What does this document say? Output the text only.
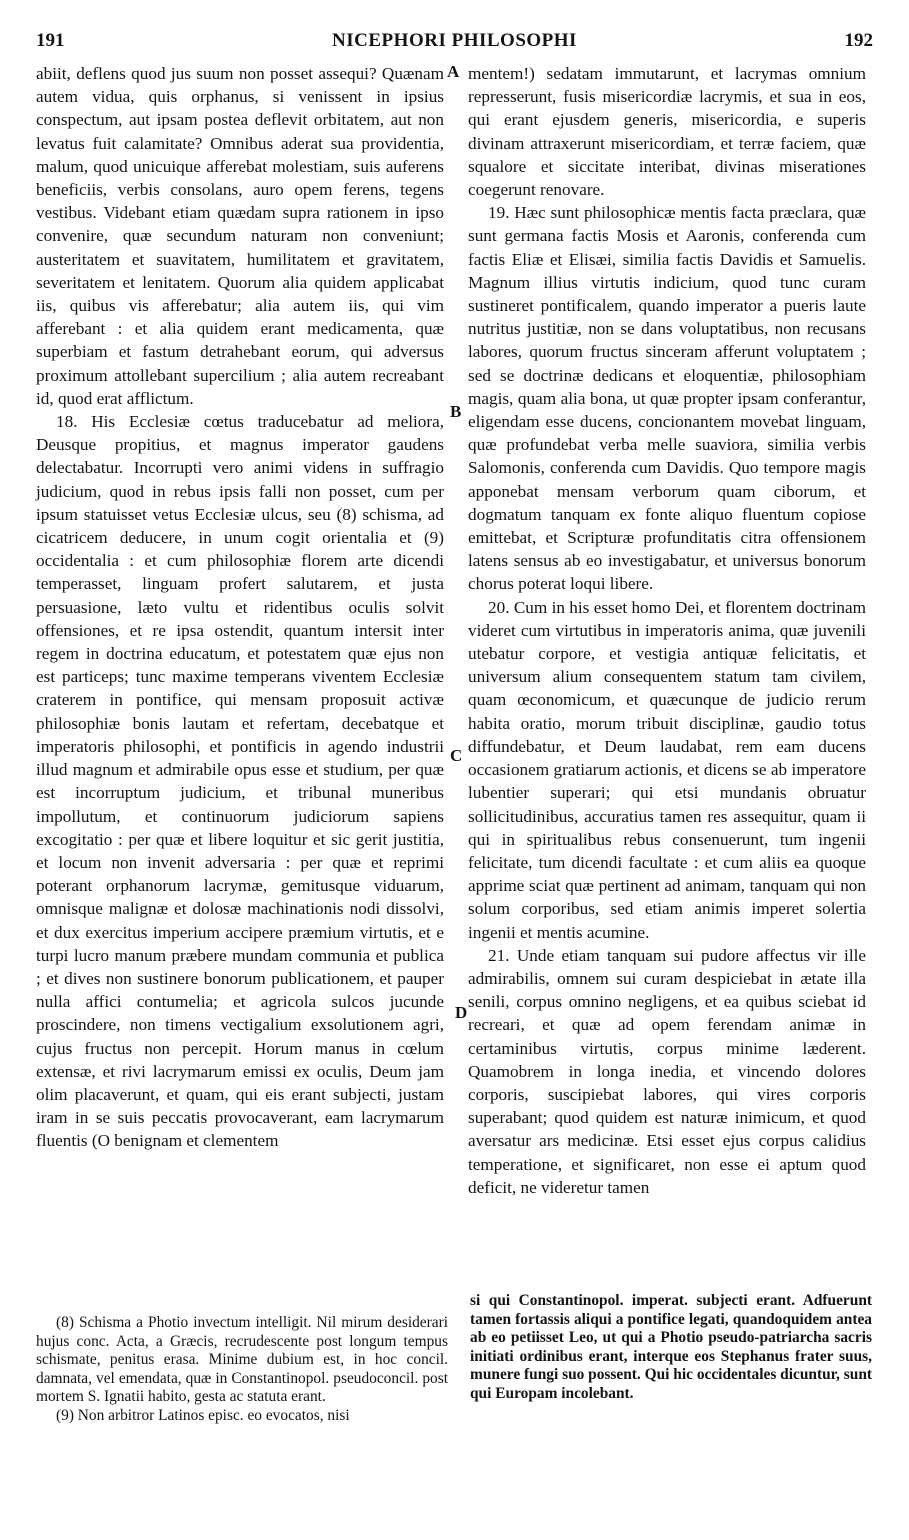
191	NICEPHORI PHILOSOPHI	192

abiit, deflens quod jus suum non posset assequi? Quænam autem vidua, quis orphanus, si venissent in ipsius conspectum, aut ipsam postea deflevit orbitatem, aut non levatus fuit calamitate? Omnibus aderat sua providentia, malum, quod unicuique afferebat molestiam, suis auferens beneficiis, verbis consolans, auro opem ferens, tegens vestibus. Videbant etiam quædam supra rationem in ipso convenire, quæ secundum naturam non conveniunt; austeritatem et suavitatem, humilitatem et gravitatem, severitatem et lenitatem. Quorum alia quidem applicabat iis, quibus vis afferebatur; alia autem iis, qui vim afferebant : et alia quidem erant medicamenta, quæ superbiam et fastum detrahebant eorum, qui adversus proximum attollebant supercilium ; alia autem recreabant id, quod erat afflictum.

18. His Ecclesiæ cœtus traducebatur ad meliora, Deusque propitius, et magnus imperator gaudens delectabatur. Incorrupti vero animi videns in suffragio judicium, quod in rebus ipsis falli non posset, cum per ipsum statuisset vetus Ecclesiæ ulcus, seu (8) schisma, ad cicatricem deducere, in unum cogit orientalia et (9) occidentalia : et cum philosophiæ florem arte dicendi temperasset, linguam profert salutarem, et justa persuasione, læto vultu et ridentibus oculis solvit offensiones, et re ipsa ostendit, quantum intersit inter regem in doctrina educatum, et potestatem quæ ejus non est particeps; tunc maxime temperans viventem Ecclesiæ craterem in pontifice, qui mensam proposuit activæ philosophiæ bonis lautam et refertam, decebatque et imperatoris philosophi, et pontificis in agendo industrii illud magnum et admirabile opus esse et studium, per quæ est incorruptum judicium, et tribunal muneribus impollutum, et continuorum judiciorum sapiens excogitatio : per quæ et libere loquitur et sic gerit justitia, et locum non invenit adversaria : per quæ et reprimi poterant orphanorum lacrymæ, gemitusque viduarum, omnisque malignæ et dolosæ machinationis nodi dissolvi, et dux exercitus imperium accipere præmium virtutis, et e turpi lucro manum præbere mundam communia et publica ; et dives non sustinere bonorum publicationem, et pauper nulla affici contumelia; et agricola sulcos jucunde proscindere, non timens vectigalium exsolutionem agri, cujus fructus non percepit. Horum manus in cœlum extensæ, et rivi lacrymarum emissi ex oculis, Deum jam olim placaverunt, et quam, qui eis erant subjecti, justam iram in se suis peccatis provocaverant, eam lacrymarum fluentis (O benignam et clementem

mentem!) sedatam immutarunt, et lacrymas omnium represserunt, fusis misericordiæ lacrymis, et sua in eos, qui erant ejusdem generis, misericordia, e superis divinam attraxerunt misericordiam, et terræ faciem, quæ squalore et siccitate interibat, divinas miserationes coegerunt renovare.

19. Hæc sunt philosophicæ mentis facta præclara, quæ sunt germana factis Mosis et Aaronis, conferenda cum factis Eliæ et Elisæi, similia factis Davidis et Samuelis. Magnum illius virtutis indicium, quod tunc curam sustineret pontificalem, quando imperator a pueris laute nutritus justitiæ, non se dans voluptatibus, non recusans labores, quorum fructus sinceram afferunt voluptatem ; sed se doctrinæ dedicans et eloquentiæ, philosophiam magis, quam alia bona, ut quæ propter ipsam conferantur, eligendam esse ducens, concionantem movebat linguam, quæ profundebat verba melle suaviora, similia verbis Salomonis, conferenda cum Davidis. Quo tempore magis apponebat mensam verborum quam ciborum, et dogmatum tanquam ex fonte aliquo fluentum copiose emittebat, et Scripturæ profunditatis citra offensionem latens sensus ab eo investigabatur, et universus bonorum chorus poterat loqui libere.

20. Cum in his esset homo Dei, et florentem doctrinam videret cum virtutibus in imperatoris anima, quæ juvenili utebatur corpore, et vestigia antiquæ felicitatis, et universum alium consequentem statum tam civilem, quam œconomicum, et quæcunque de judicio rerum habita oratio, morum tribuit disciplinæ, gaudio totus diffundebatur, et Deum laudabat, rem eam ducens occasionem gratiarum actionis, et dicens se ab imperatore lubentier superari; qui etsi mundanis obruatur sollicitudinibus, accuratius tamen res assequitur, quam ii qui in spiritualibus rebus consenuerunt, tum ingenii felicitate, tum dicendi facultate : et cum aliis ea quoque apprime sciat quæ pertinent ad animam, tanquam qui non solum corporibus, sed etiam animis imperet solertia ingenii et mentis acumine.

21. Unde etiam tanquam sui pudore affectus vir ille admirabilis, omnem sui curam despiciebat in ætate illa senili, corpus omnino negligens, et ea quibus sciebat id recreari, et quæ ad opem ferendam animæ in certaminibus virtutis, corpus minime læderent. Quamobrem in longa inedia, et vincendo dolores corporis, suscipiebat labores, qui vires corporis superabant; quod quidem est naturæ inimicum, et quod aversatur ars medicinæ. Etsi esset ejus corpus calidius temperatione, et significaret, non esse ei aptum quod deficit, ne videretur tamen

A
B
C
D

(8) Schisma a Photio invectum intelligit. Nil mirum desiderari hujus conc. Acta, a Græcis, recrudescente post longum tempus schismate, penitus erasa. Minime dubium est, in hoc concil. damnata, vel emendata, quæ in Constantinopol. pseudoconcil. post mortem S. Ignatii habito, gesta ac statuta erant.

(9) Non arbitror Latinos episc. eo evocatos, nisi

si qui Constantinopol. imperat. subjecti erant. Adfuerunt tamen fortassis aliqui a pontifice legati, quandoquidem antea ab eo petiisset Leo, ut qui a Photio pseudo-patriarcha sacris initiati ordinibus erant, interque eos Stephanus frater suus, munere fungi suo possent. Qui hic occidentales dicuntur, sunt qui Europam incolebant.
